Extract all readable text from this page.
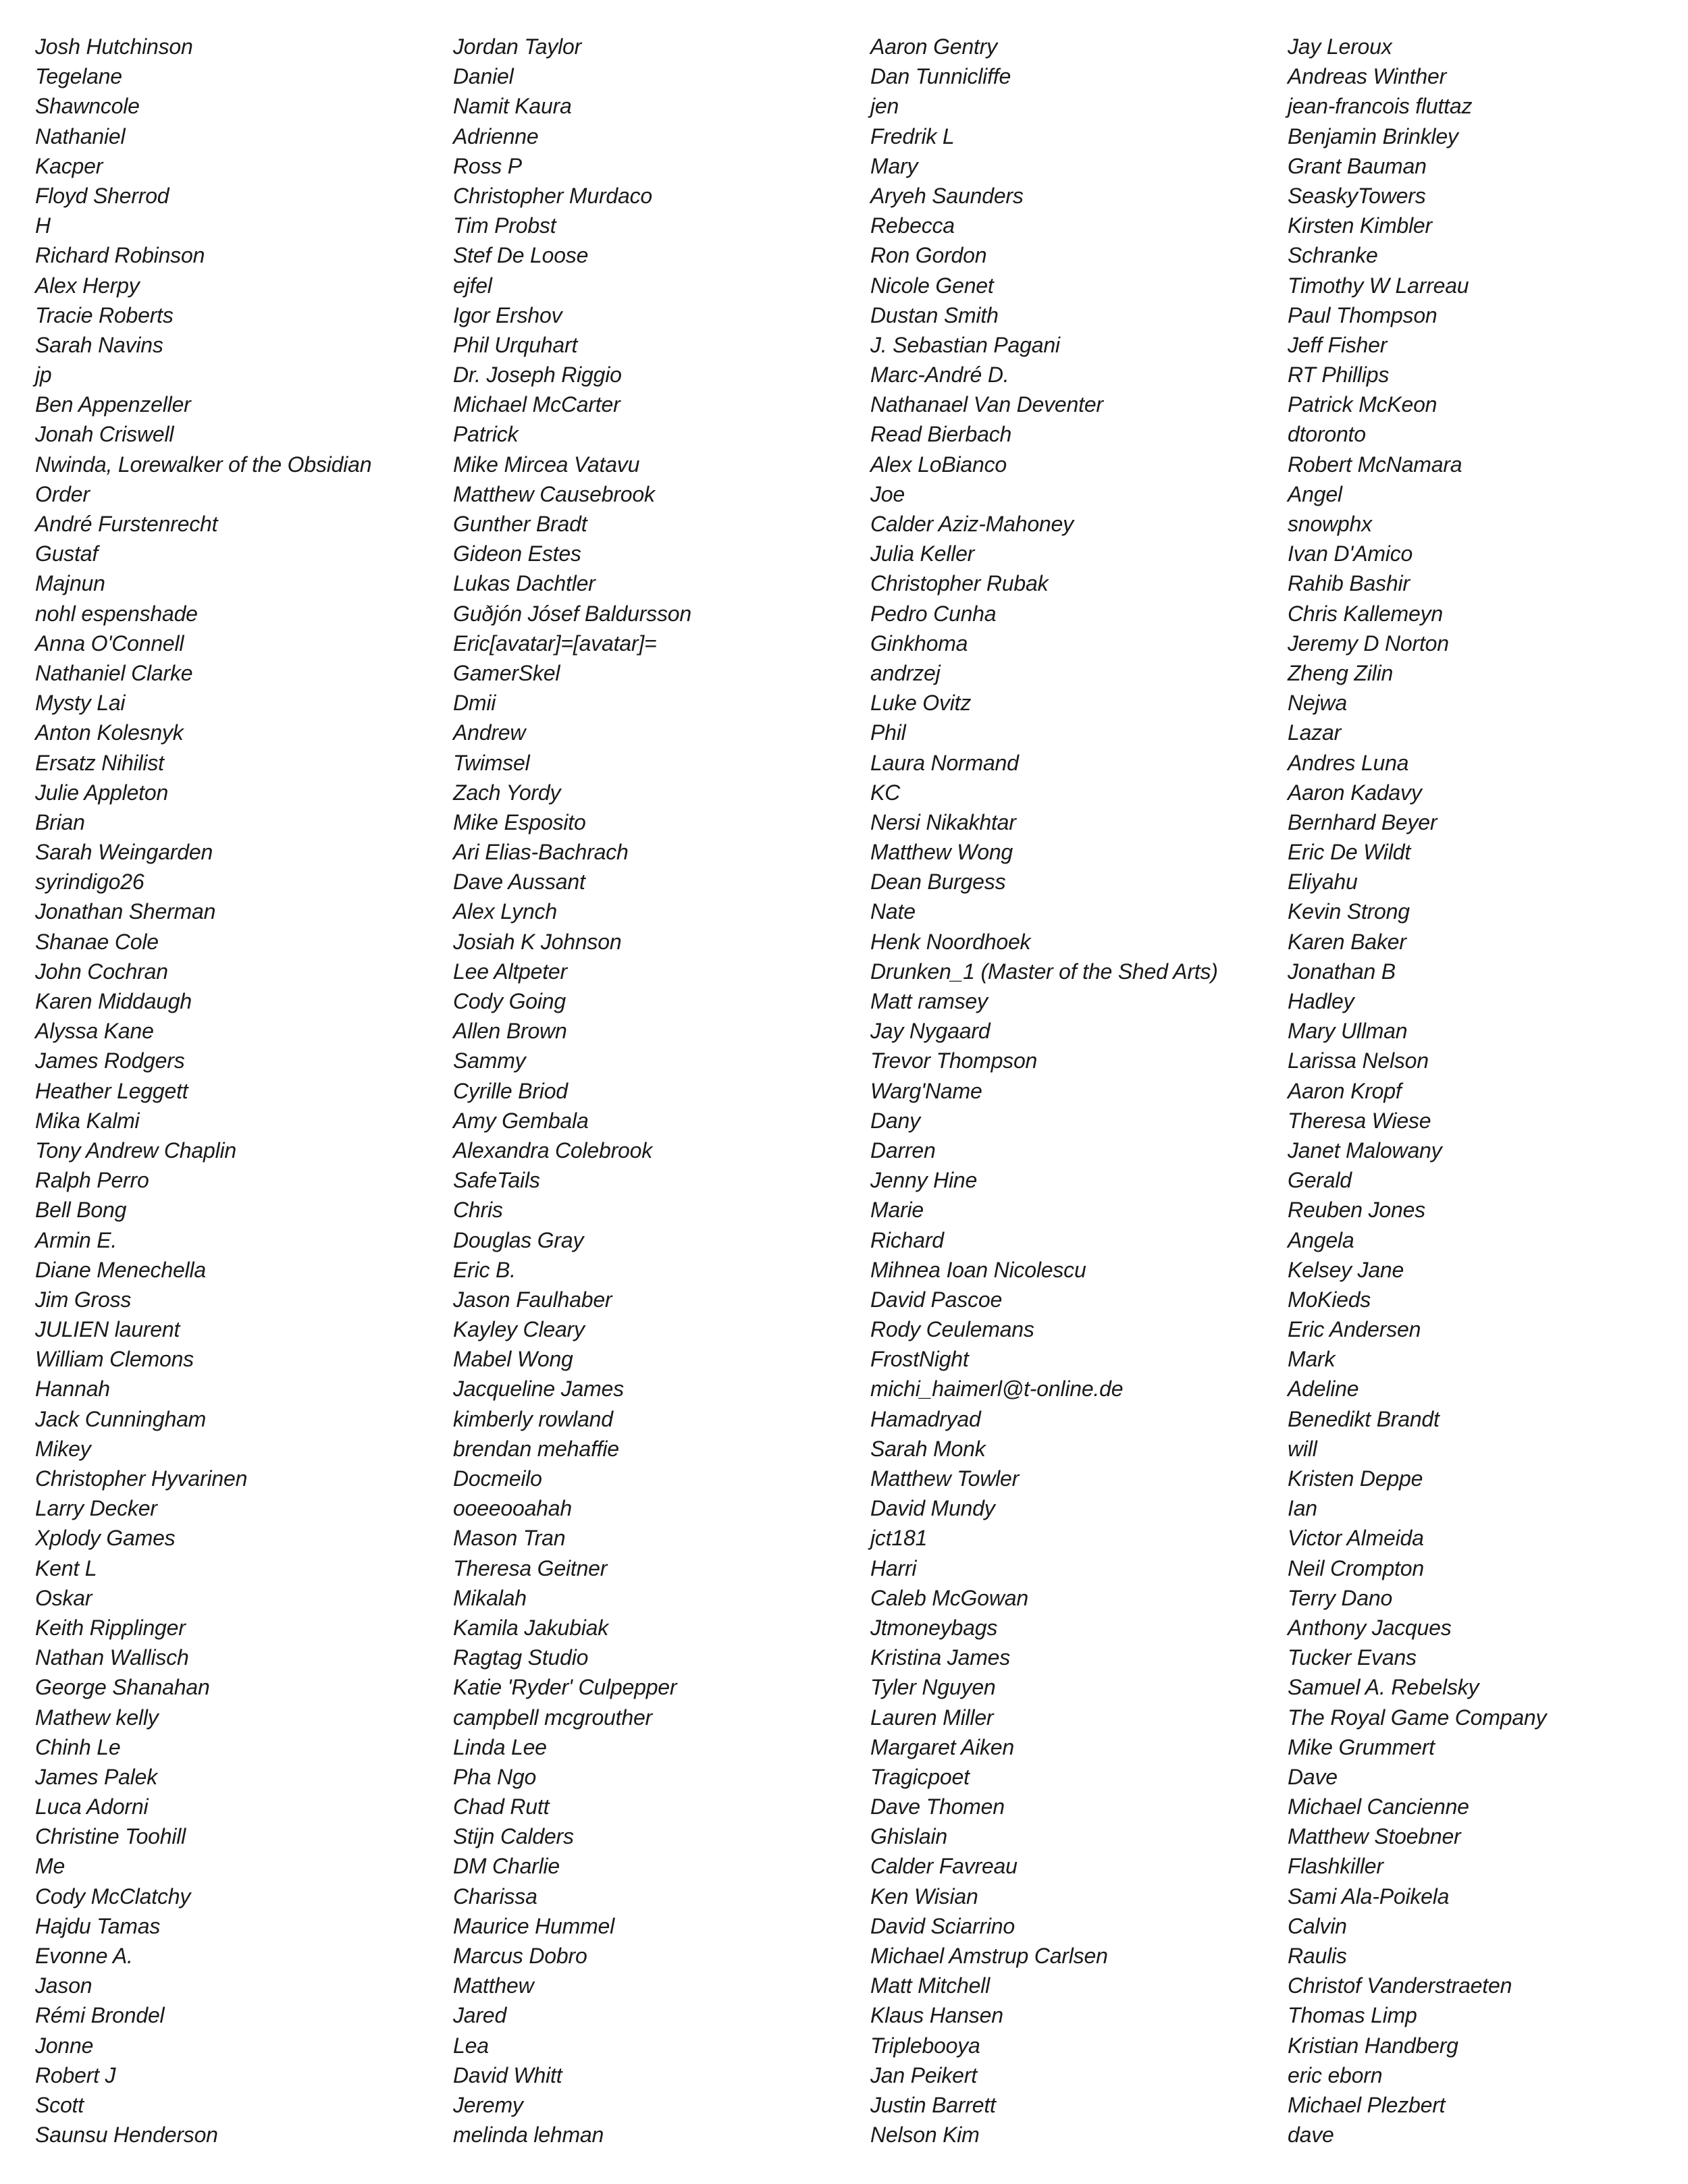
Josh Hutchinson
Tegelane
Shawncole
Nathaniel
Kacper
Floyd Sherrod
H
Richard Robinson
Alex Herpy
Tracie Roberts
Sarah Navins
jp
Ben Appenzeller
Jonah Criswell
Nwinda, Lorewalker of the Obsidian
Order
André Furstenrecht
Gustaf
Majnun
nohl espenshade
Anna O'Connell
Nathaniel Clarke
Mysty Lai
Anton Kolesnyk
Ersatz Nihilist
Julie Appleton
Brian
Sarah Weingarden
syrindigo26
Jonathan Sherman
Shanae Cole
John Cochran
Karen Middaugh
Alyssa Kane
James Rodgers
Heather Leggett
Mika Kalmi
Tony Andrew Chaplin
Ralph Perro
Bell Bong
Armin E.
Diane Menechella
Jim Gross
JULIEN laurent
William Clemons
Hannah
Jack Cunningham
Mikey
Christopher Hyvarinen
Larry Decker
Xplody Games
Kent L
Oskar
Keith Ripplinger
Nathan Wallisch
George Shanahan
Mathew kelly
Chinh Le
James Palek
Luca Adorni
Christine Toohill
Me
Cody McClatchy
Hajdu Tamas
Evonne A.
Jason
Rémi Brondel
Jonne
Robert J
Scott
Saunsu Henderson
Jordan Taylor
Daniel
Namit Kaura
Adrienne
Ross P
Christopher Murdaco
Tim Probst
Stef De Loose
ejfel
Igor Ershov
Phil Urquhart
Dr. Joseph Riggio
Michael McCarter
Patrick
Mike Mircea Vatavu
Matthew Causebrook
Gunther Bradt
Gideon Estes
Lukas Dachtler
Guðjón Jósef Baldursson
Eric[avatar]=[avatar]=
GamerSkel
Dmii
Andrew
Twimsel
Zach Yordy
Mike Esposito
Ari Elias-Bachrach
Dave Aussant
Alex Lynch
Josiah K Johnson
Lee Altpeter
Cody Going
Allen Brown
Sammy
Cyrille Briod
Amy Gembala
Alexandra Colebrook
SafeTails
Chris
Douglas Gray
Eric B.
Jason Faulhaber
Kayley Cleary
Mabel Wong
Jacqueline James
kimberly rowland
brendan mehaffie
Docmeilo
ooeeooahah
Mason Tran
Theresa Geitner
Mikalah
Kamila Jakubiak
Ragtag Studio
Katie 'Ryder' Culpepper
campbell mcgrouther
Linda Lee
Pha Ngo
Chad Rutt
Stijn Calders
DM Charlie
Charissa
Maurice Hummel
Marcus Dobro
Matthew
Jared
Lea
David Whitt
Jeremy
melinda lehman
Aaron Gentry
Dan Tunnicliffe
jen
Fredrik L
Mary
Aryeh Saunders
Rebecca
Ron Gordon
Nicole Genet
Dustan Smith
J. Sebastian Pagani
Marc-André D.
Nathanael Van Deventer
Read Bierbach
Alex LoBianco
Joe
Calder Aziz-Mahoney
Julia Keller
Christopher Rubak
Pedro Cunha
Ginkhoma
andrzej
Luke Ovitz
Phil
Laura Normand
KC
Nersi Nikakhtar
Matthew Wong
Dean Burgess
Nate
Henk Noordhoek
Drunken_1 (Master of the Shed Arts)
Matt ramsey
Jay Nygaard
Trevor Thompson
Warg'Name
Dany
Darren
Jenny Hine
Marie
Richard
Mihnea Ioan Nicolescu
David Pascoe
Rody Ceulemans
FrostNight
michi_haimerl@t-online.de
Hamadryad
Sarah Monk
Matthew Towler
David Mundy
jct181
Harri
Caleb McGowan
Jtmoneybags
Kristina James
Tyler Nguyen
Lauren Miller
Margaret Aiken
Tragicpoet
Dave Thomen
Ghislain
Calder Favreau
Ken Wisian
David Sciarrino
Michael Amstrup Carlsen
Matt Mitchell
Klaus Hansen
Triplebooya
Jan Peikert
Justin Barrett
Nelson Kim
Jay Leroux
Andreas Winther
jean-francois fluttaz
Benjamin Brinkley
Grant Bauman
SeaskyTowers
Kirsten Kimbler
Schranke
Timothy W Larreau
Paul Thompson
Jeff Fisher
RT Phillips
Patrick McKeon
dtoronto
Robert McNamara
Angel
snowphx
Ivan D'Amico
Rahib Bashir
Chris Kallemeyn
Jeremy D Norton
Zheng Zilin
Nejwa
Lazar
Andres Luna
Aaron Kadavy
Bernhard Beyer
Eric De Wildt
Eliyahu
Kevin Strong
Karen Baker
Jonathan B
Hadley
Mary Ullman
Larissa Nelson
Aaron Kropf
Theresa Wiese
Janet Malowany
Gerald
Reuben Jones
Angela
Kelsey Jane
MoKieds
Eric Andersen
Mark
Adeline
Benedikt Brandt
will
Kristen Deppe
Ian
Victor Almeida
Neil Crompton
Terry Dano
Anthony Jacques
Tucker Evans
Samuel A. Rebelsky
The Royal Game Company
Mike Grummert
Dave
Michael Cancienne
Matthew Stoebner
Flashkiller
Sami Ala-Poikela
Calvin
Raulis
Christof Vanderstraeten
Thomas Limp
Kristian Handberg
eric eborn
Michael Plezbert
dave
